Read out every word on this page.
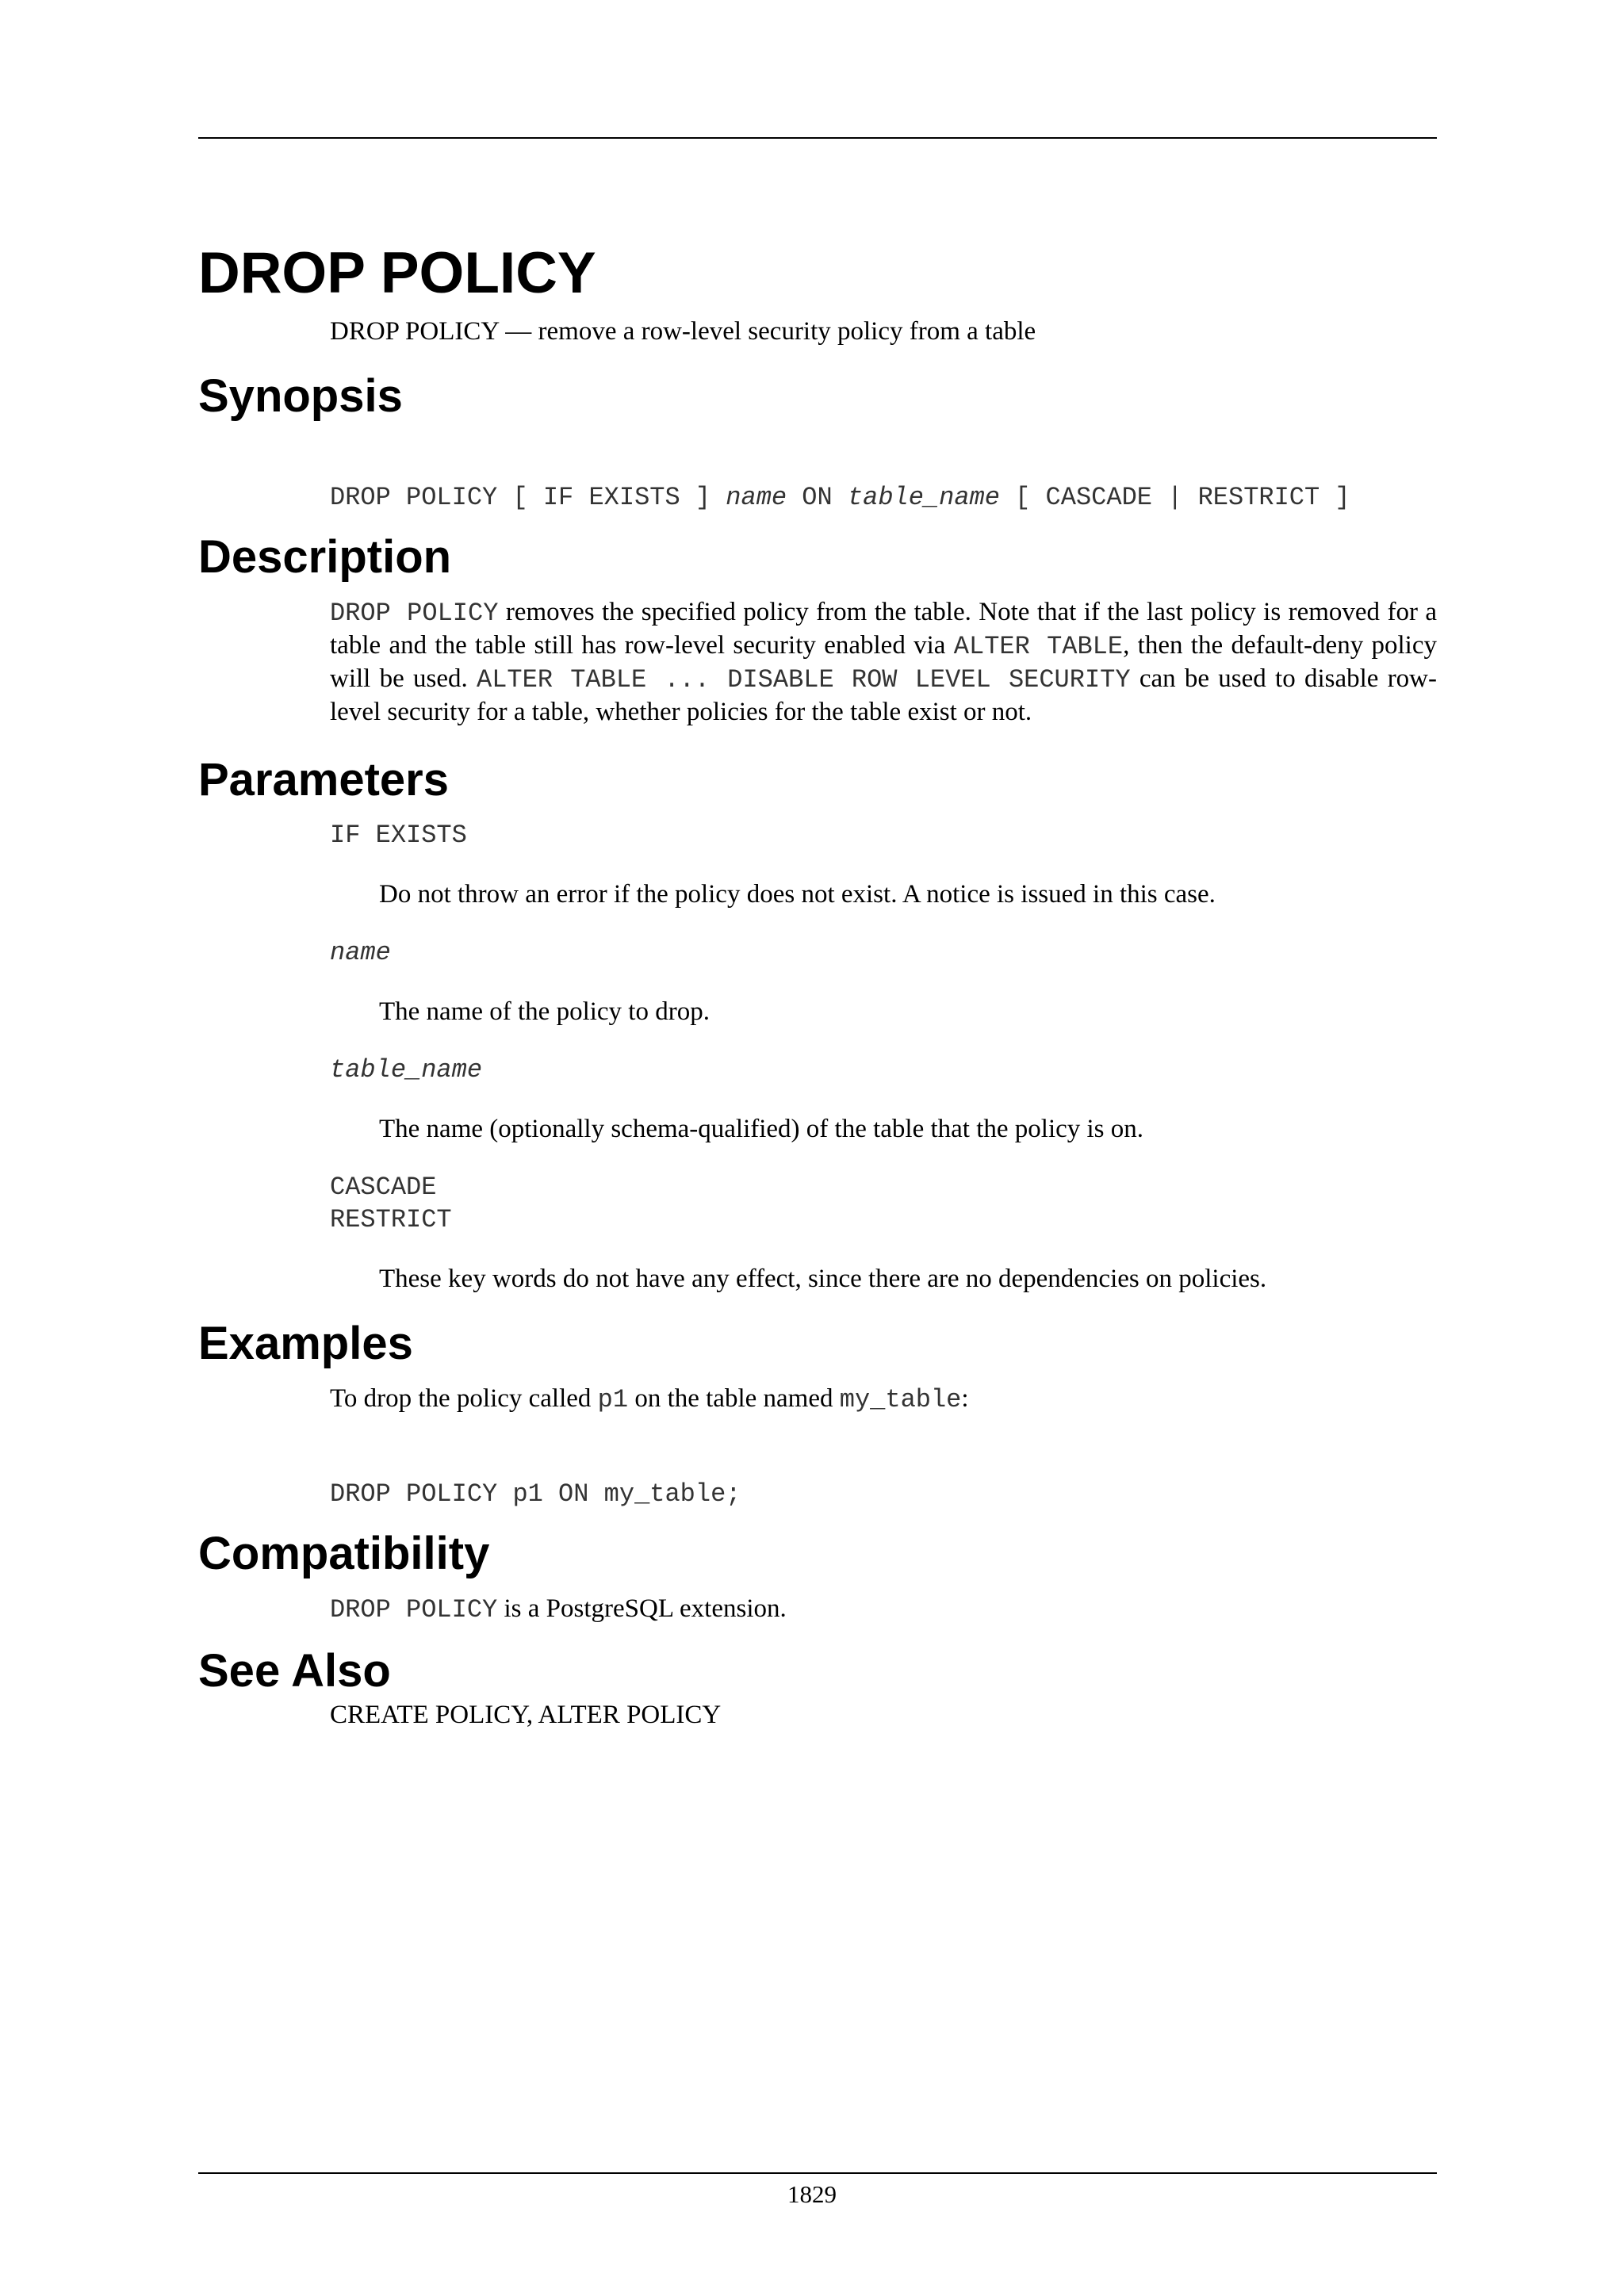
DROP POLICY

DROP POLICY — remove a row-level security policy from a table

Synopsis
DROP POLICY [ IF EXISTS ] name ON table_name [ CASCADE | RESTRICT ]
Description

DROP POLICY removes the specified policy from the table. Note that if the last policy is removed for a table and the table still has row-level security enabled via ALTER TABLE, then the default-deny policy will be used. ALTER TABLE ... DISABLE ROW LEVEL SECURITY can be used to disable row-level security for a table, whether policies for the table exist or not.

Parameters
IF EXISTS

Do not throw an error if the policy does not exist. A notice is issued in this case.

name

The name of the policy to drop.

table_name

The name (optionally schema-qualified) of the table that the policy is on.

CASCADE
RESTRICT

These key words do not have any effect, since there are no dependencies on policies.

Examples

To drop the policy called p1 on the table named my_table:

DROP POLICY p1 ON my_table;
Compatibility

DROP POLICY is a PostgreSQL extension.

See Also

CREATE POLICY, ALTER POLICY

1829
